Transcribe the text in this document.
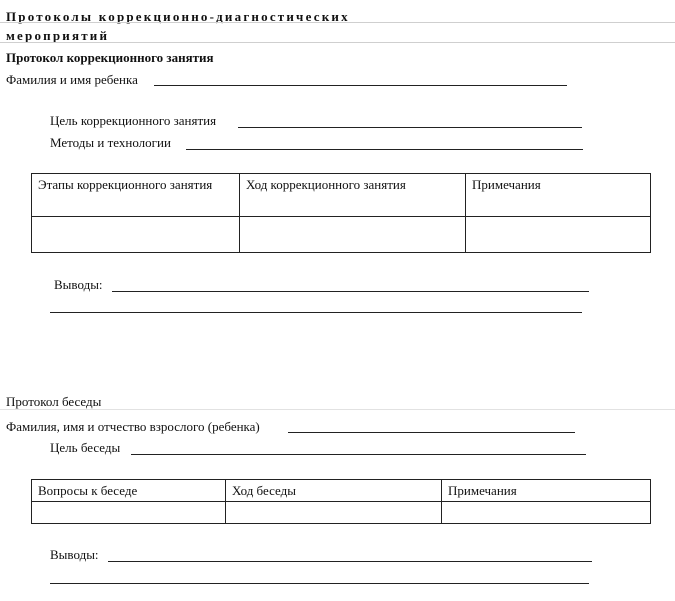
Протоколы коррекционно-диагностических
мероприятий
Протокол коррекционного занятия
Фамилия и имя ребенка
Цель коррекционного занятия
Методы и технологии
Этапы коррекционного занятия	Ход коррекционного занятия	Примечания

Выводы:
Протокол беседы
Фамилия, имя и отчество взрослого (ребенка)
Цель беседы
Вопросы к беседе	Ход беседы	Примечания

Выводы:
